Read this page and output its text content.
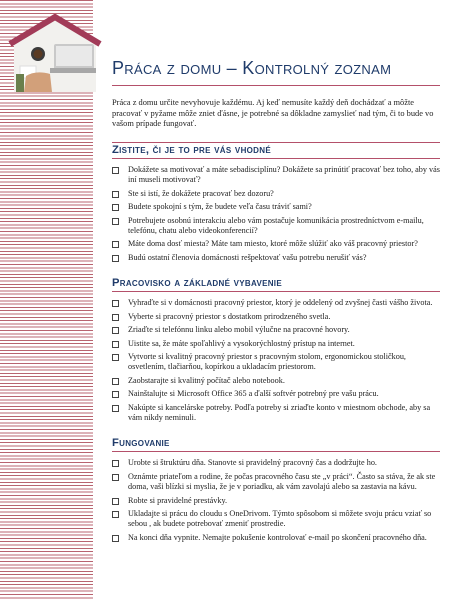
Práca z domu – Kontrolný zoznam

Práca z domu určite nevyhovuje každému. Aj keď nemusíte každý deň dochádzať a môžte pracovať v pyžame môže zniet ďásne, je potrebné sa dôkladne zamyslieť nad tým, či to bude vo vašom prípade fungovať.

Zistite, či je to pre vás vhodné
Dokážete sa motivovať a máte sebadisciplínu? Dokážete sa prinútiť pracovať bez toho, aby vás iní museli motivovať?
Ste si istí, že dokážete pracovať bez dozoru?
Budete spokojní s tým, že budete veľa času tráviť sami?
Potrebujete osobnú interakciu alebo vám postačuje komunikácia prostredníctvom e-mailu, telefónu, chatu alebo videokonferencií?
Máte doma dosť miesta? Máte tam miesto, ktoré môže slúžiť ako váš pracovný priestor?
Budú ostatní členovia domácnosti rešpektovať vašu potrebu nerušiť vás?
Pracovisko a základné vybavenie
Vyhraďte si v domácnosti pracovný priestor, ktorý je oddelený od zvyšnej časti vášho života.
Vyberte si pracovný priestor s dostatkom prirodzeného svetla.
Zriaďte si telefónnu linku alebo mobil výlučne na pracovné hovory.
Uistite sa, že máte spoľahlivý a vysokorýchlostný prístup na internet.
Vytvorte si kvalitný pracovný priestor s pracovným stolom, ergonomickou stoličkou, osvetlením, tlačiarňou, kopírkou a ukladacím priestorom.
Zaobstarajte si kvalitný počítač alebo notebook.
Nainštalujte si Microsoft Office 365 a ďalší softvér potrebný pre vašu prácu.
Nakúpte si kancelárske potreby. Podľa potreby si zriaďte konto v miestnom obchode, aby sa vám nikdy neminuli.
Fungovanie
Urobte si štruktúru dňa. Stanovte si pravidelný pracovný čas a dodržujte ho.
Oznámte priateľom a rodine, že počas pracovného času ste „v práci“. Často sa stáva, že ak ste doma, vaši blízki si myslia, že je v poriadku, ak vám zavolajú alebo sa zastavia na kávu.
Robte si pravidelné prestávky.
Ukladajte si prácu do cloudu s OneDrivom. Týmto spôsobom si môžete svoju prácu vziať so sebou , ak budete potrebovať zmeniť prostredie.
Na konci dňa vypnite. Nemajte pokušenie kontrolovať e-mail po skončení pracovného dňa.
